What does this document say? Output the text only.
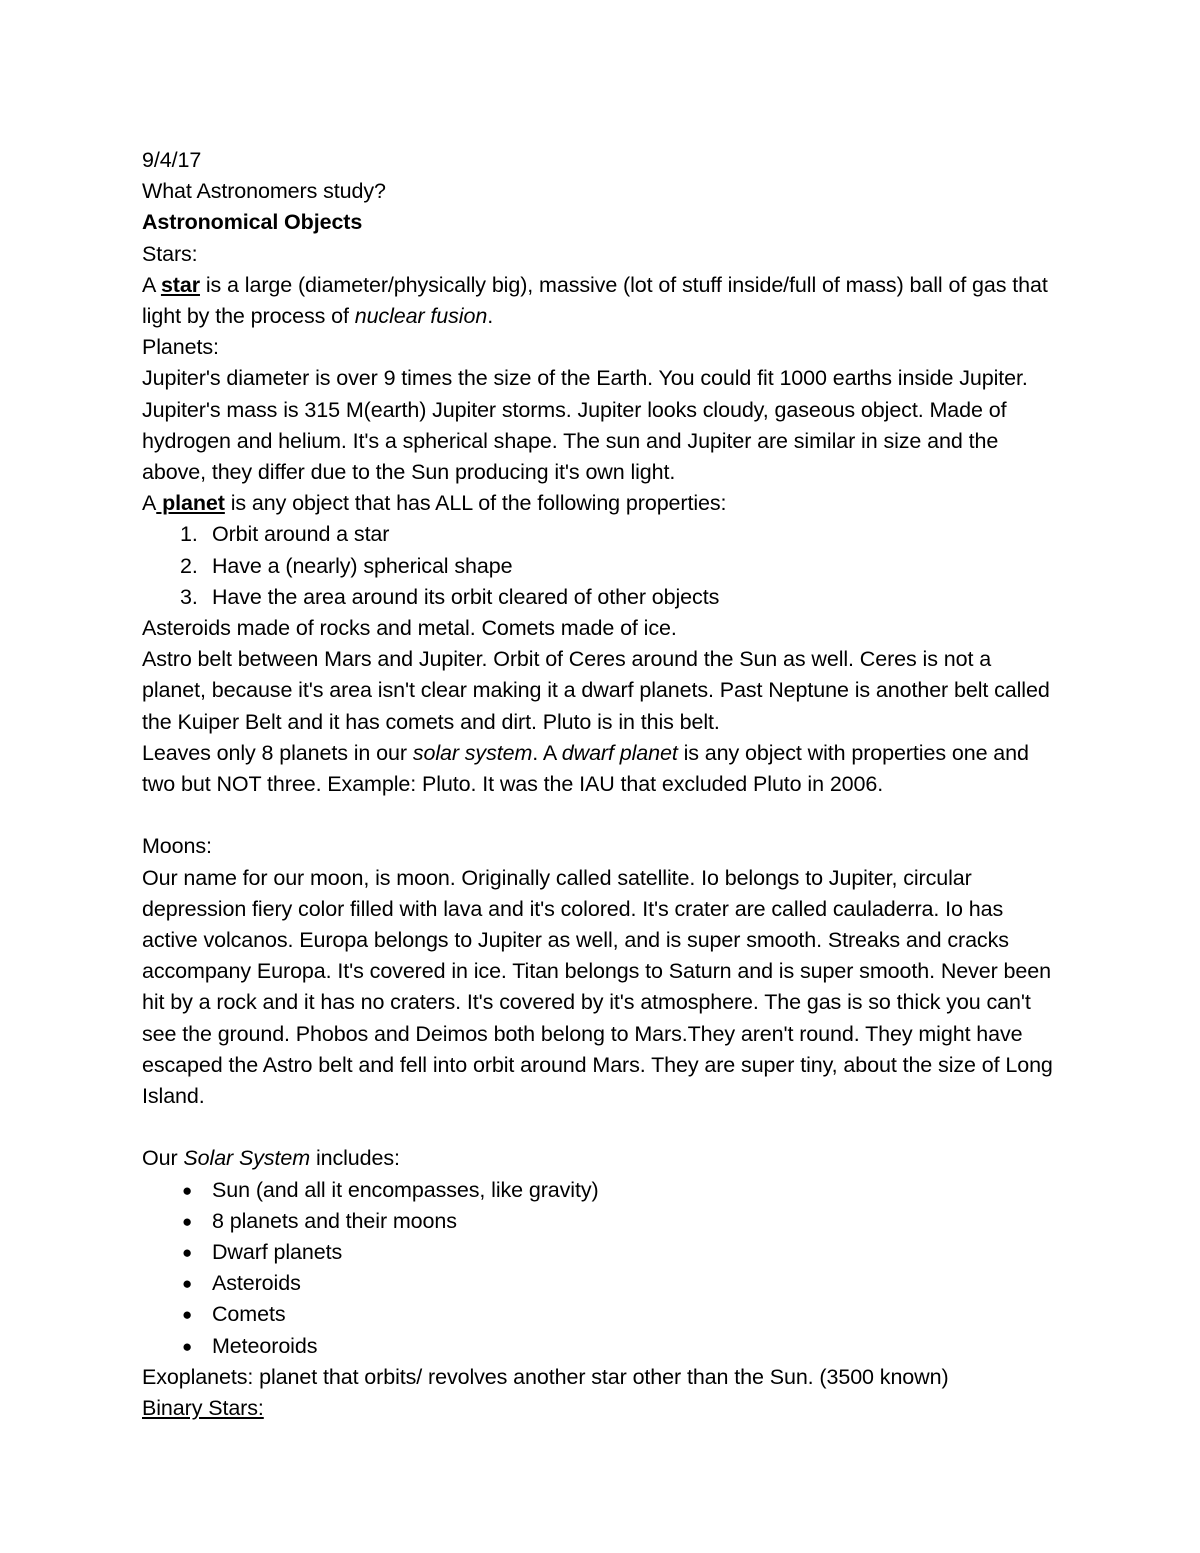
9/4/17
What Astronomers study?
Astronomical Objects
Stars:

A star is a large (diameter/physically big), massive (lot of stuff inside/full of mass) ball of gas that light by the process of nuclear fusion.

Planets:

Jupiter's diameter is over 9 times the size of the Earth. You could fit 1000 earths inside Jupiter. Jupiter's mass is 315 M(earth) Jupiter storms. Jupiter looks cloudy, gaseous object. Made of hydrogen and helium. It's a spherical shape. The sun and Jupiter are similar in size and the above, they differ due to the Sun producing it's own light.

A planet is any object that has ALL of the following properties:

1. Orbit around a star
2. Have a (nearly) spherical shape
3. Have the area around its orbit cleared of other objects
Asteroids made of rocks and metal. Comets made of ice.

Astro belt between Mars and Jupiter. Orbit of Ceres around the Sun as well. Ceres is not a planet, because it's area isn't clear making it a dwarf planets. Past Neptune is another belt called the Kuiper Belt and it has comets and dirt. Pluto is in this belt.

Leaves only 8 planets in our solar system. A dwarf planet is any object with properties one and two but NOT three. Example: Pluto. It was the IAU that excluded Pluto in 2006.

Moons:

Our name for our moon, is moon. Originally called satellite. Io belongs to Jupiter, circular depression fiery color filled with lava and it's colored. It's crater are called cauladerra. Io has active volcanos. Europa belongs to Jupiter as well, and is super smooth. Streaks and cracks accompany Europa. It's covered in ice. Titan belongs to Saturn and is super smooth. Never been hit by a rock and it has no craters. It's covered by it's atmosphere. The gas is so thick you can't see the ground. Phobos and Deimos both belong to Mars.They aren't round. They might have escaped the Astro belt and fell into orbit around Mars. They are super tiny, about the size of Long Island.

Our Solar System includes:

● Sun (and all it encompasses, like gravity)
● 8 planets and their moons
● Dwarf planets
● Asteroids
● Comets
● Meteoroids
Exoplanets: planet that orbits/ revolves another star other than the Sun. (3500 known)
Binary Stars:
